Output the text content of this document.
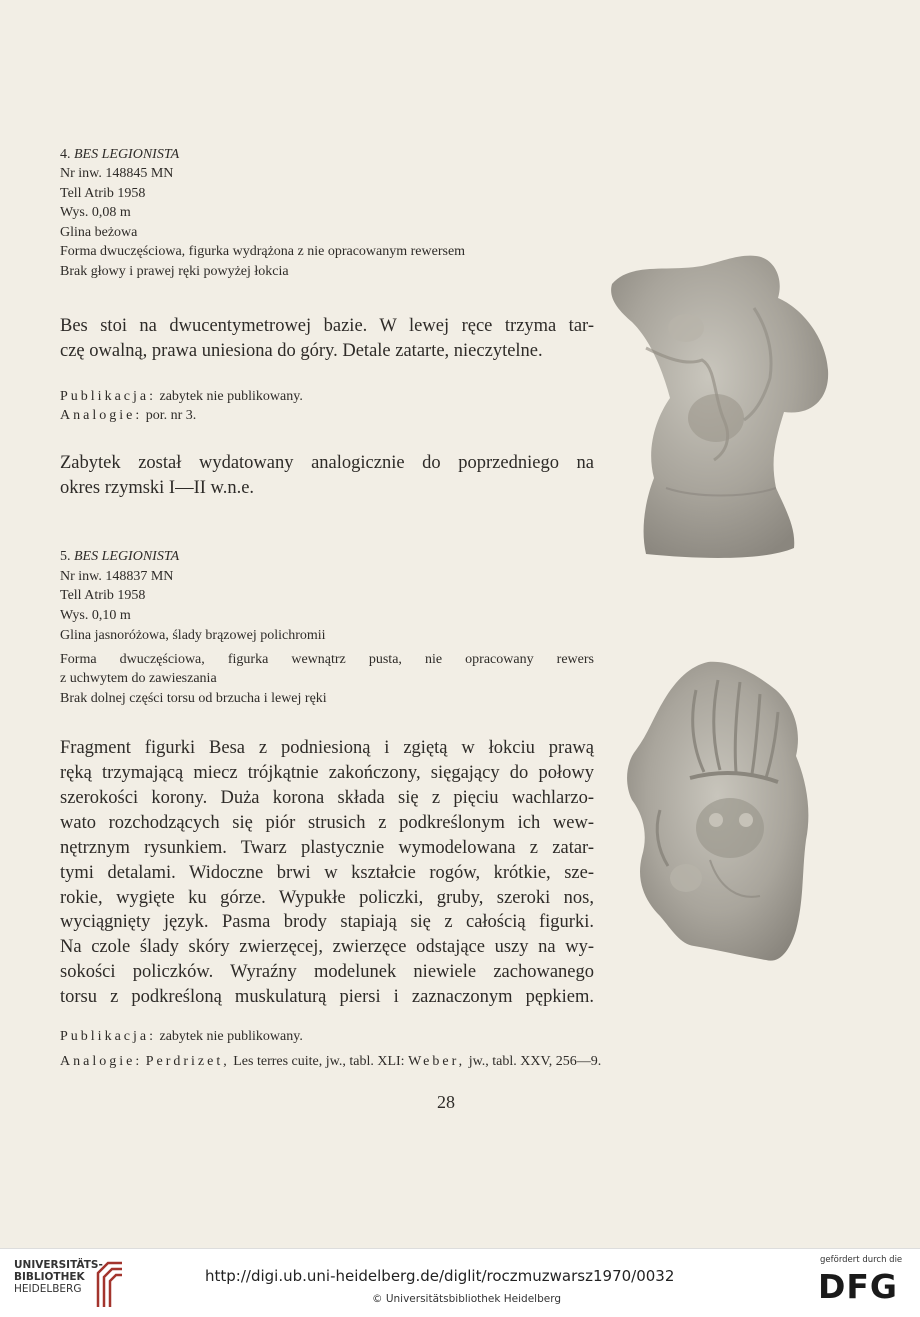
4. BES LEGIONISTA
Nr inw. 148845 MN
Tell Atrib 1958
Wys. 0,08 m
Glina beżowa
Forma dwuczęściowa, figurka wydrążona z nie opracowanym rewersem
Brak głowy i prawej ręki powyżej łokcia
Bes stoi na dwucentymetrowej bazie. W lewej ręce trzyma tar-
czę owalną, prawa uniesiona do góry. Detale zatarte, nieczytelne.
Publikacja: zabytek nie publikowany.
Analogie: por. nr 3.
Zabytek został wydatowany analogicznie do poprzedniego na
okres rzymski I—II w.n.e.
5. BES LEGIONISTA
Nr inw. 148837 MN
Tell Atrib 1958
Wys. 0,10 m
Glina jasnoróżowa, ślady brązowej polichromii
Forma dwuczęściowa, figurka wewnątrz pusta, nie opracowany rewers
z uchwytem do zawieszania
Brak dolnej części torsu od brzucha i lewej ręki
Fragment figurki Besa z podniesioną i zgiętą w łokciu prawą
ręką trzymającą miecz trójkątnie zakończony, sięgający do połowy
szerokości korony. Duża korona składa się z pięciu wachlarzo-
wato rozchodzących się piór strusich z podkreślonym ich wew-
nętrznym rysunkiem. Twarz plastycznie wymodelowana z zatar-
tymi detalami. Widoczne brwi w kształcie rogów, krótkie, sze-
rokie, wygięte ku górze. Wypukłe policzki, gruby, szeroki nos,
wyciągnięty język. Pasma brody stapiają się z całością figurki.
Na czole ślady skóry zwierzęcej, zwierzęce odstające uszy na wy-
sokości policzków. Wyraźny modelunek niewiele zachowanego
torsu z podkreśloną muskulaturą piersi i zaznaczonym pępkiem.
Publikacja: zabytek nie publikowany.
Analogie: Perdrizet, Les terres cuite, jw., tabl. XLI: Weber, jw., tabl. XXV, 256—9.
28
UNIVERSITÄTS-
BIBLIOTHEK
HEIDELBERG
http://digi.ub.uni-heidelberg.de/diglit/roczmuzwarsz1970/0032
© Universitätsbibliothek Heidelberg
gefördert durch die
DFG
